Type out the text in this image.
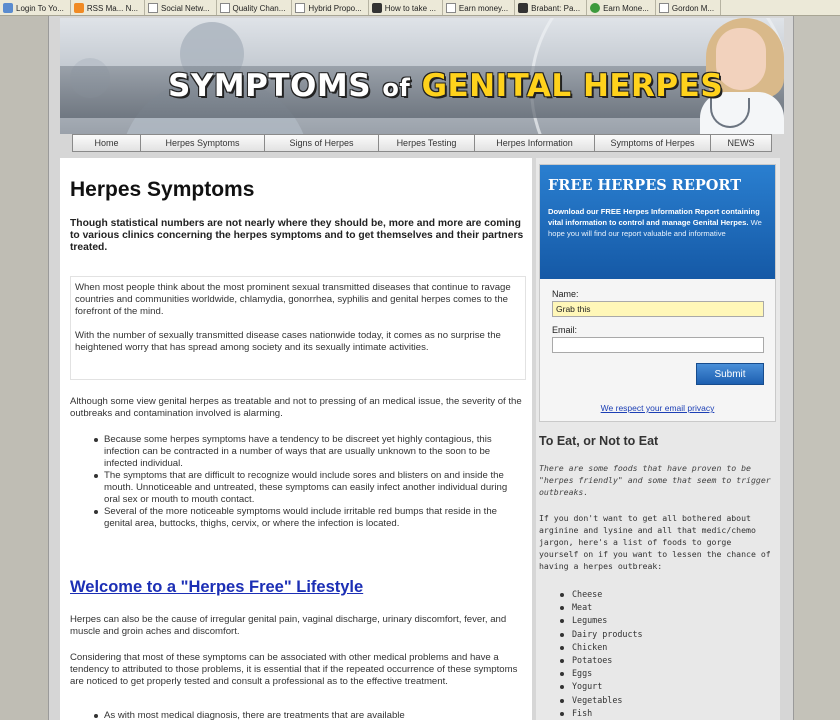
Login To Yo...	RSS Ma... N...	Social Netw...	Quality Chan...	Hybrid Propo...	How to take ...	Earn money...	Brabant: Pa...	Earn Mone...	Gordon M...
SYMPTOMS of GENITAL HERPES
Home	Herpes Symptoms	Signs of Herpes	Herpes Testing	Herpes Information	Symptoms of Herpes	NEWS
Herpes Symptoms
Though statistical numbers are not nearly where they should be, more and more are coming to various clinics concerning the herpes symptoms and to get themselves and their partners treated.

When most people think about the most prominent sexual transmitted diseases that continue to ravage countries and communities worldwide, chlamydia, gonorrhea, syphilis and genital herpes comes to the forefront of the mind.

With the number of sexually transmitted disease cases nationwide today, it comes as no surprise the heightened worry that has spread among society and its sexually intimate activities.

Although some view genital herpes as treatable and not to pressing of an medical issue, the severity of the outbreaks and contamination involved is alarming.
Because some herpes symptoms have a tendency to be discreet yet highly contagious, this infection can be contracted in a number of ways that are usually unknown to the soon to be infected individual.
The symptoms that are difficult to recognize would include sores and blisters on and inside the mouth. Unnoticeable and untreated, these symptoms can easily infect another individual during oral sex or mouth to mouth contact.
Several of the more noticeable symptoms would include irritable red bumps that reside in the genital area, buttocks, thighs, cervix, or where the infection is located.
Welcome to a "Herpes Free" Lifestyle
Herpes can also be the cause of irregular genital pain, vaginal discharge, urinary discomfort, fever, and muscle and groin aches and discomfort.
Considering that most of these symptoms can be associated with other medical problems and have a tendency to attributed to those problems, it is essential that if the repeated occurrence of these symptoms are noticed to get properly tested and consult a professional as to the effective treatment.
As with most medical diagnosis, there are treatments that are available
FREE HERPES REPORT
Download our FREE Herpes Information Report containing vital information to control and manage Genital Herpes. We hope you will find our report valuable and informative
Name:
Grab this
Email:
Submit
We respect your email privacy
To Eat, or Not to Eat
There are some foods that have proven to be "herpes friendly" and some that seem to trigger outbreaks.
If you don't want to get all bothered about arginine and lysine and all that medic/chemo jargon, here's a list of foods to gorge yourself on if you want to lessen the chance of having a herpes outbreak:
Cheese
Meat
Legumes
Dairy products
Chicken
Potatoes
Eggs
Yogurt
Vegetables
Fish
